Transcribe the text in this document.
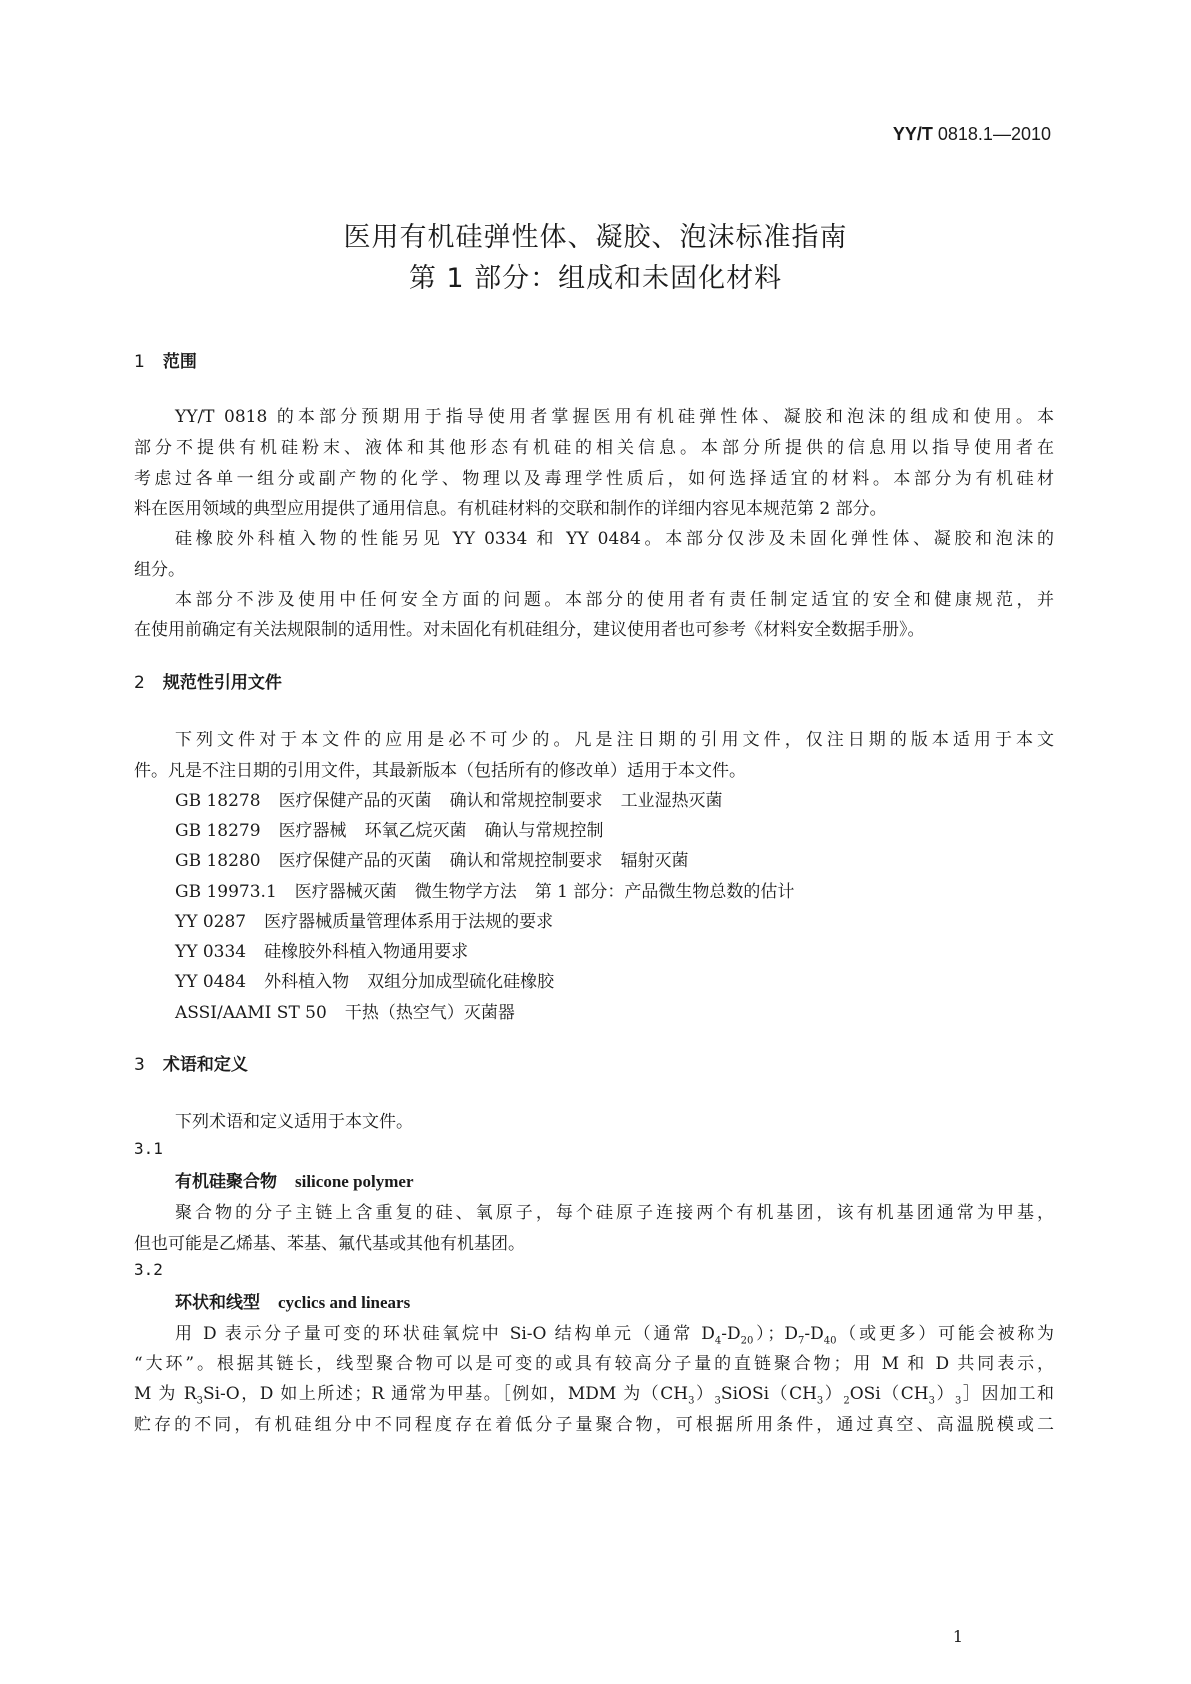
YY/T 0818.1—2010
医用有机硅弹性体、凝胶、泡沫标准指南
第 1 部分：组成和未固化材料
1 范围
YY/T 0818 的本部分预期用于指导使用者掌握医用有机硅弹性体、凝胶和泡沫的组成和使用。本
部分不提供有机硅粉末、液体和其他形态有机硅的相关信息。本部分所提供的信息用以指导使用者在
考虑过各单一组分或副产物的化学、物理以及毒理学性质后，如何选择适宜的材料。本部分为有机硅材
料在医用领域的典型应用提供了通用信息。有机硅材料的交联和制作的详细内容见本规范第 2 部分。
硅橡胶外科植入物的性能另见 YY 0334 和 YY 0484。本部分仅涉及未固化弹性体、凝胶和泡沫的
组分。
本部分不涉及使用中任何安全方面的问题。本部分的使用者有责任制定适宜的安全和健康规范，并
在使用前确定有关法规限制的适用性。对未固化有机硅组分，建议使用者也可参考《材料安全数据手册》。
2 规范性引用文件
下列文件对于本文件的应用是必不可少的。凡是注日期的引用文件，仅注日期的版本适用于本文
件。凡是不注日期的引用文件，其最新版本（包括所有的修改单）适用于本文件。
GB 18278 医疗保健产品的灭菌 确认和常规控制要求 工业湿热灭菌
GB 18279 医疗器械 环氧乙烷灭菌 确认与常规控制
GB 18280 医疗保健产品的灭菌 确认和常规控制要求 辐射灭菌
GB 19973.1 医疗器械灭菌 微生物学方法 第 1 部分：产品微生物总数的估计
YY 0287 医疗器械质量管理体系用于法规的要求
YY 0334 硅橡胶外科植入物通用要求
YY 0484 外科植入物 双组分加成型硫化硅橡胶
ASSI/AAMI ST 50 干热（热空气）灭菌器
3 术语和定义
下列术语和定义适用于本文件。
3.1
有机硅聚合物 silicone polymer
聚合物的分子主链上含重复的硅、氧原子，每个硅原子连接两个有机基团，该有机基团通常为甲基，
但也可能是乙烯基、苯基、氟代基或其他有机基团。
3.2
环状和线型 cyclics and linears
用 D 表示分子量可变的环状硅氧烷中 Si-O 结构单元（通常 $D_4-D_{20}$）；$D_7-D_{40}$（或更多）可能会被称为
“大环”。根据其链长，线型聚合物可以是可变的或具有较高分子量的直链聚合物；用 M 和 D 共同表示，
M 为 $R_3Si-O$，D 如上所述；R 通常为甲基。［例如，MDM 为$(CH_3)_3SiOSi(CH_3)_2OSi(CH_3)_3]$因加工和
贮存的不同，有机硅组分中不同程度存在着低分子量聚合物，可根据所用条件，通过真空、高温脱模或二
1
